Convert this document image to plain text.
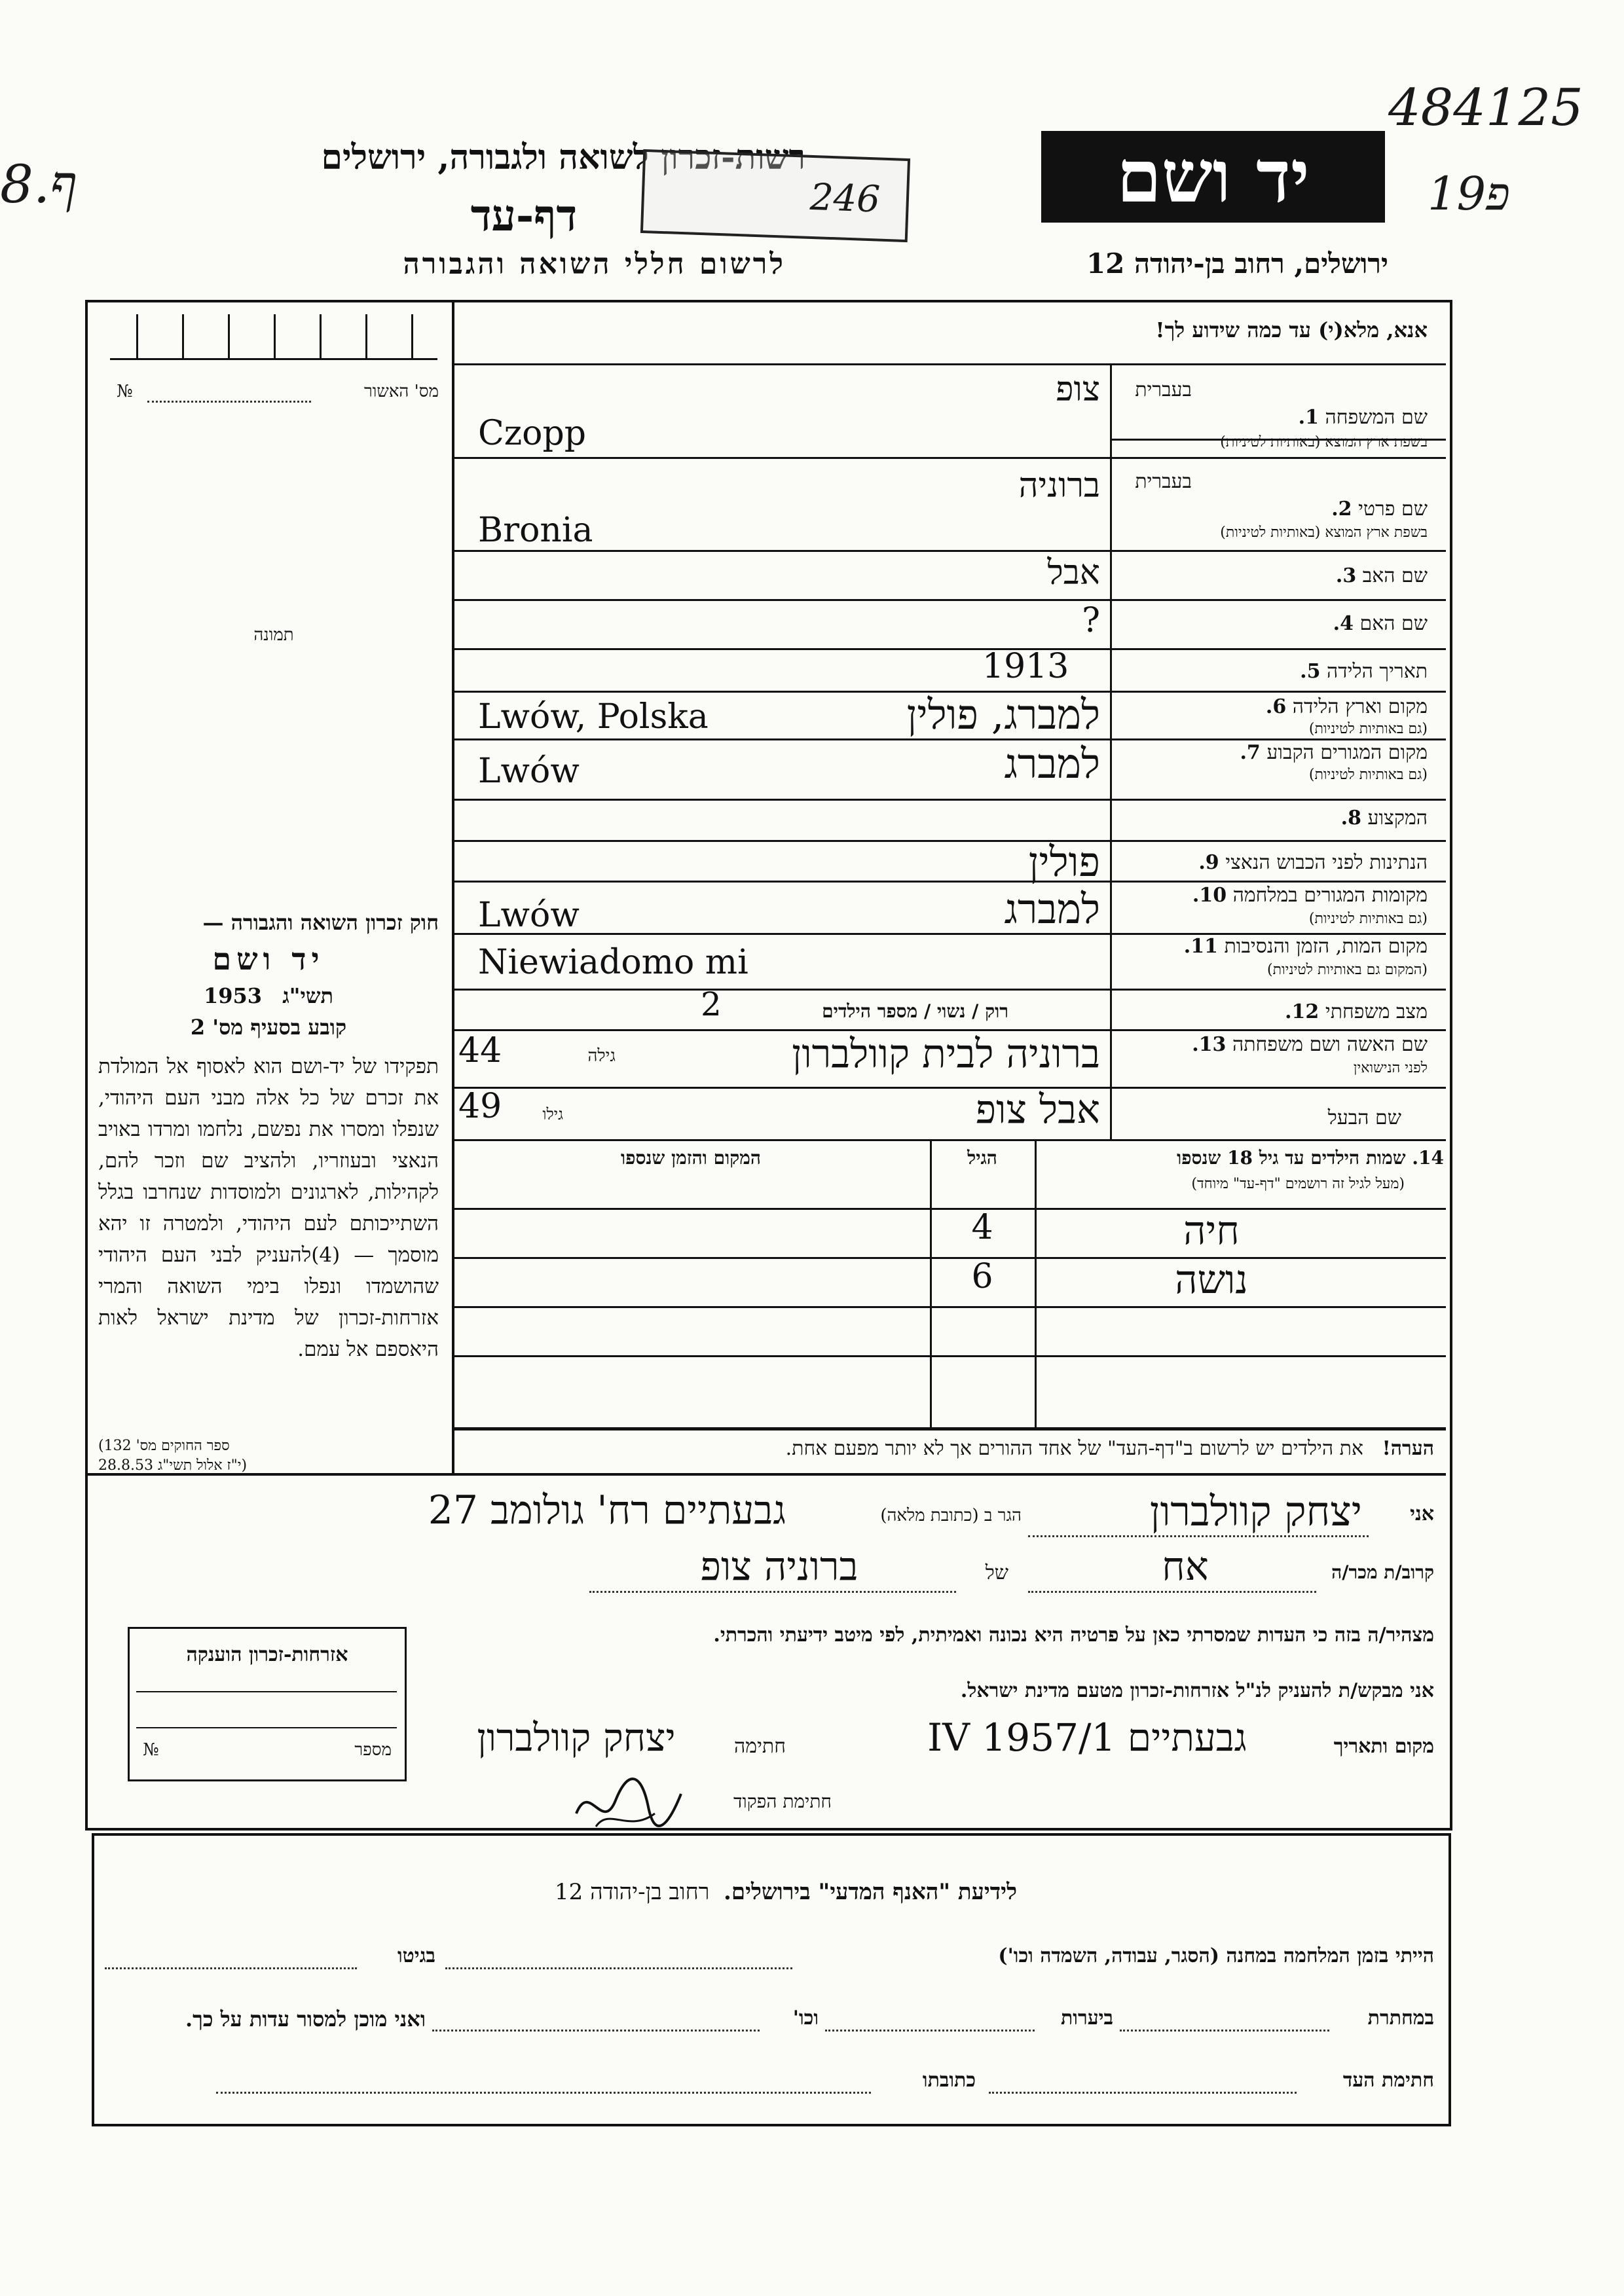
8.ף
484125
פ19
רשות-זכרון לשואה ולגבורה, ירושלים
דף-עד
לרשום חללי השואה והגבורה
246	יד ושם
ירושלים, רחוב בן-יהודה 12
אנא, מלא(י) עד כמה שידוע לך!
מס' האשור
№
תמונה
חוק זכרון השואה והגבורה —
יד ושם
1953 תשי"ג
קובע בסעיף מס' 2
תפקידו של יד-ושם הוא לאסוף אל המולדת את זכרם של כל אלה מבני העם היהודי, שנפלו ומסרו את נפשם, נלחמו ומרדו באויב הנאצי ובעוזריו, ולהציב שם וזכר להם, לקהילות, לארגונים ולמוסדות שנחרבו בגלל השתייכותם לעם היהודי, ולמטרה זו יהא מוסמך — (4)להעניק לבני העם היהודי שהושמדו ונפלו בימי השואה והמרי אזרחות-זכרון של מדינת ישראל לאות היאספם אל עמם.
(ספר החוקים מס' 132
י"ז אלול תשי"ג 28.8.53)
בעברית
שם המשפחה 1.
בשפת ארץ המוצא (באותיות לטיניות)
צופ
Czopp
בעברית
שם פרטי 2.
בשפת ארץ המוצא (באותיות לטיניות)
ברוניה
Bronia
שם האב 3.
אבל
שם האם 4.
?
תאריך הלידה 5.
1913
מקום וארץ הלידה 6.
(גם באותיות לטיניות)
Lwów, Polska	למברג, פולין
מקום המגורים הקבוע 7.
(גם באותיות לטיניות)
Lwów	למברג
המקצוע 8.
הנתינות לפני הכבוש הנאצי 9.
פולין
מקומות המגורים במלחמה 10.
(גם באותיות לטיניות)
Lwów	למברג
מקום המות, הזמן והנסיבות 11.
(המקום גם באותיות לטיניות)
Niewiadomo mi
מצב משפחתי 12.
רוק / נשוי / מספר הילדים
2
שם האשה ושם משפחתה 13.
לפני הנישואין
גילה
44	ברוניה לבית קוולברון
שם הבעל
גילו
49	אבל צופ
14. שמות הילדים עד גיל 18 שנספו
(מעל לגיל זה רושמים "דף-עד" מיוחד)
הגיל
המקום והזמן שנספו
חיה
4
נושה
6
הערה!   את הילדים יש לרשום ב"דף-העד" של אחד ההורים אך לא יותר מפעם אחת.
אני
יצחק קוולברון
הגר ב (כתובת מלאה)
גבעתיים רח' גולומב 27
קרוב/ת מכר/ה
אח
של
ברוניה צופ
מצהיר/ה בזה כי העדות שמסרתי כאן על פרטיה היא נכונה ואמיתית, לפי מיטב ידיעתי והכרתי.
אני מבקש/ת להעניק לנ"ל אזרחות-זכרון מטעם מדינת ישראל.
מקום ותאריך
גבעתיים 1/IV 1957
חתימה
יצחק קוולברון
חתימת הפקוד
אזרחות-זכרון הוענקה
מספר
№
לידיעת "האנף המדעי" בירושלים.  רחוב בן-יהודה 12
הייתי בזמן המלחמה במחנה (הסגר, עבודה, השמדה וכו')
בגיטו
במחתרת
ביערות
וכו'
ואני מוכן למסור עדות על כך.
חתימת העד
כתובתו
